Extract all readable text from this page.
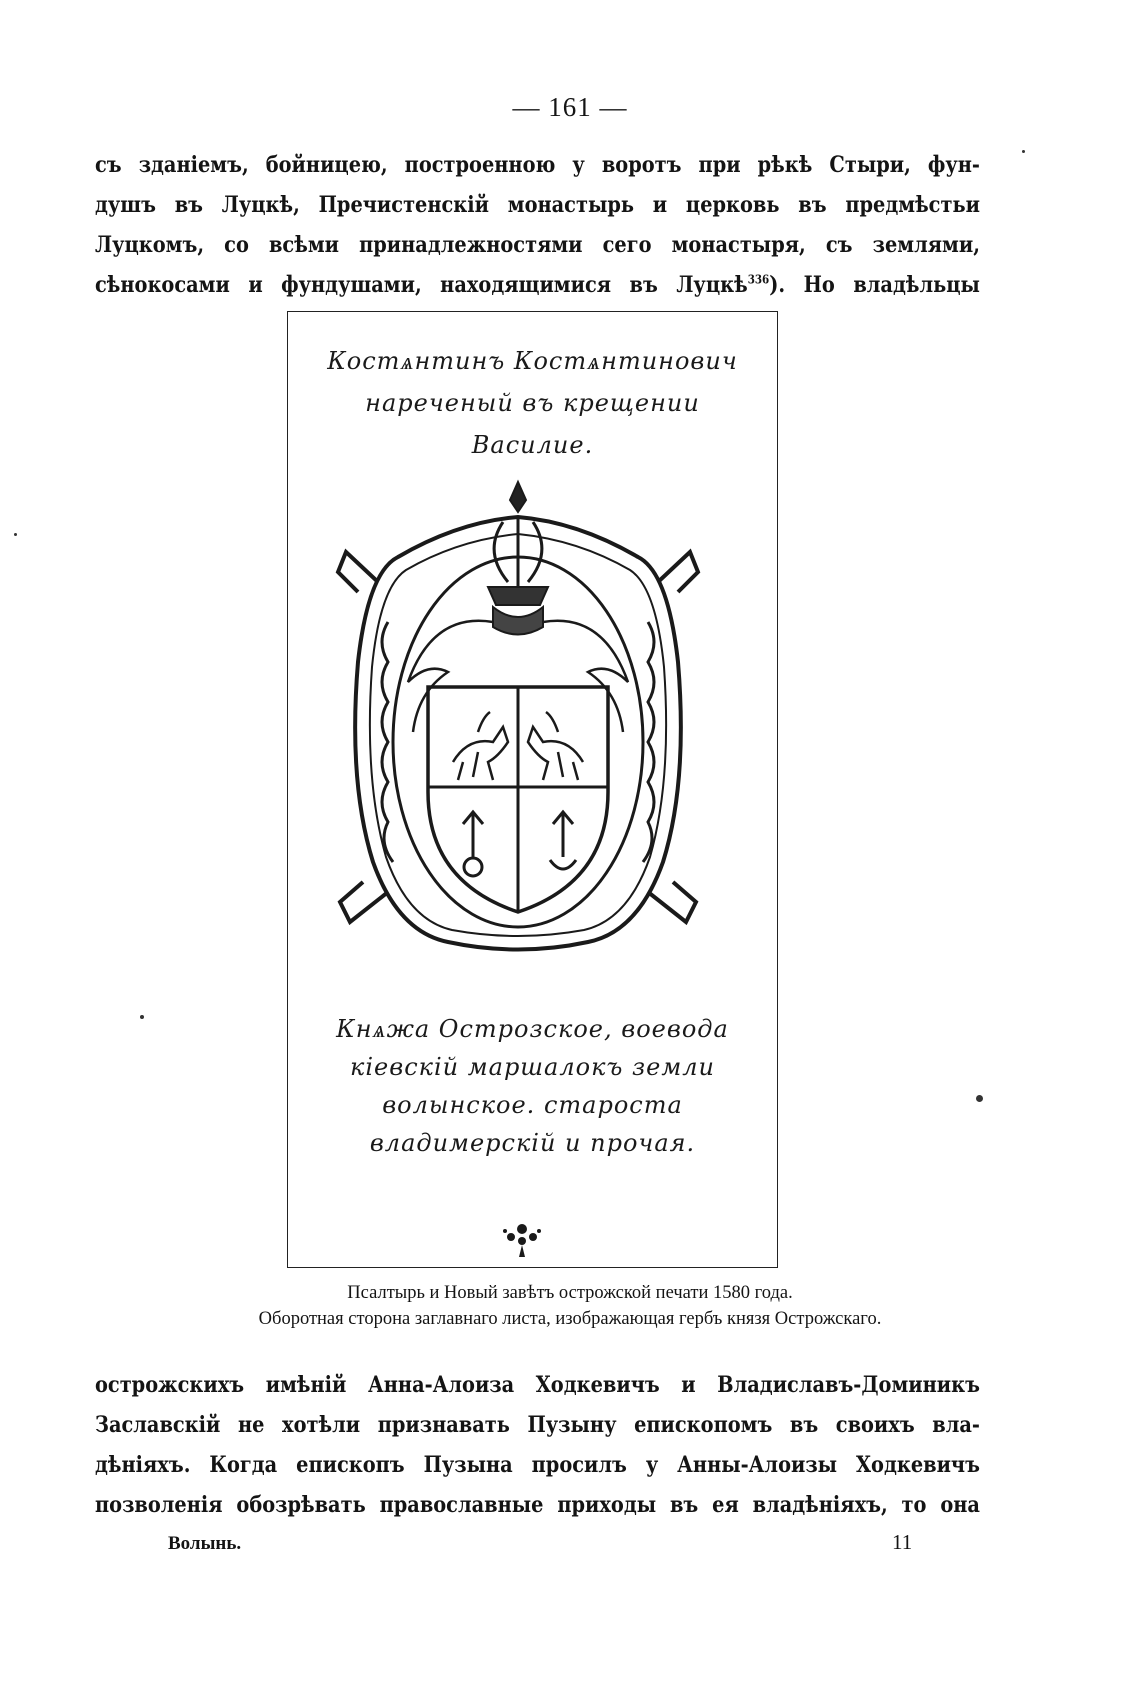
— 161 —
съ зданіемъ, бойницею, построенною у воротъ при рѣкѣ Стыри, фун-
душъ въ Луцкѣ, Пречистенскій монастырь и церковь въ предмѣстьи
Луцкомъ, со всѣми принадлежностями сего монастыря, съ землями,
сѣнокосами и фундушами, находящимися въ Луцкѣ$^{336}$). Но владѣльцы
Костѧнтинъ Костѧнтинович нареченый въ крещении Василие.
Кнѧжа Острозское, воевода кіевскій маршалокъ земли волынское. старостa владимерскій и прочая.
Псалтырь и Новый завѣтъ острожской печати 1580 года.
Оборотная сторона заглавнаго листа, изображающая гербъ князя Острожскаго.
острожскихъ имѣній Анна-Алоиза Ходкевичъ и Владиславъ-Доминикъ
Заславскій не хотѣли признавать Пузыну епископомъ въ своихъ вла-
дѣніяхъ. Когда епископъ Пузына просилъ у Анны-Алоизы Ходкевичъ
позволенія обозрѣвать православные приходы въ ея владѣніяхъ, то она
Волынь.	11
